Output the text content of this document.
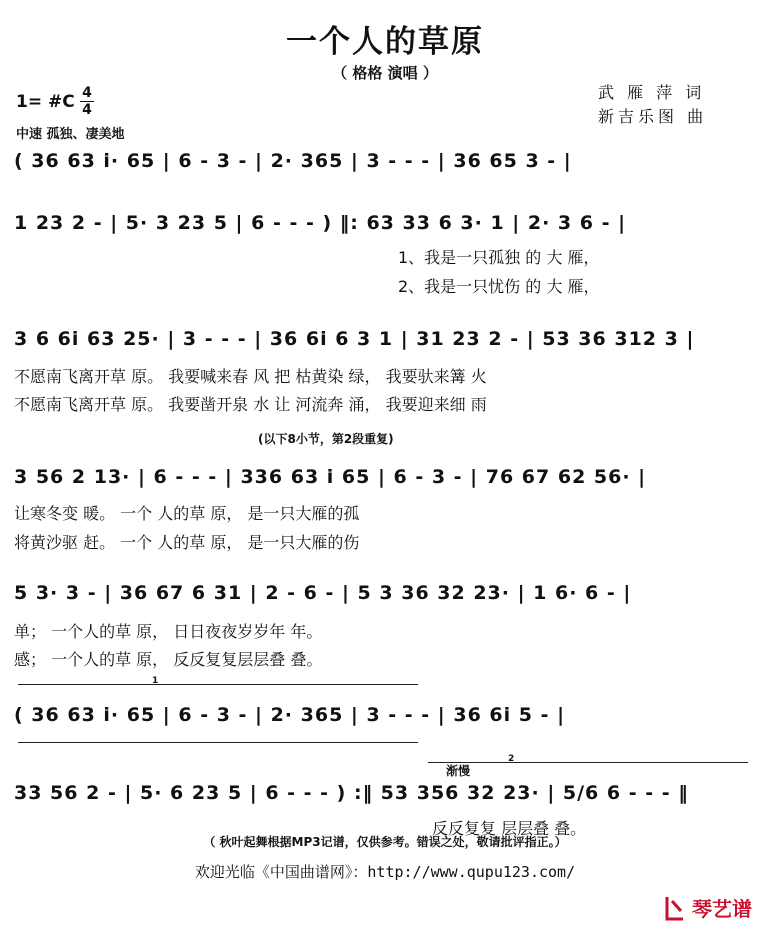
一个人的草原
（ 格格 演唱 ）
武 雁 萍 词
新吉乐图 曲
1= #C 4
4
中速 孤独、凄美地
( 36 63 i· 65 | 6 - 3 - | 2· 365 | 3 - - - | 36 65 3 - |
1 23 2 - | 5· 3 23 5 | 6 - - - ) ‖: 63 33 6 3· 1 | 2· 3 6 - |
1、我是一只孤独 的 大 雁，
2、我是一只忧伤 的 大 雁，
3 6 6i 63 25· | 3 - - - | 36 6i 6 3 1 | 31 23 2 - | 53 36 312 3 |
不愿南飞离开草 原。 我要喊来春 风 把 枯黄染 绿， 我要驮来篝 火
不愿南飞离开草 原。 我要凿开泉 水 让 河流奔 涌， 我要迎来细 雨
(以下8小节，第2段重复)
3 56 2 13· | 6 - - - | 336 63 i 65 | 6 - 3 - | 76 67 62 56· |
让寒冬变 暖。 一个 人的草 原， 是一只大雁的孤
将黄沙驱 赶。 一个 人的草 原， 是一只大雁的伤
5 3· 3 - | 36 67 6 31 | 2 - 6 - | 5 3 36 32 23· | 1 6· 6 - |
单； 一个人的草 原， 日日夜夜岁岁年 年。
感； 一个人的草 原， 反反复复层层叠 叠。
1
( 36 63 i· 65 | 6 - 3 - | 2· 365 | 3 - - - | 36 6i 5 - |
2
渐慢
33 56 2 - | 5· 6 23 5 | 6 - - - ) :‖ 53 356 32 23· | 5/6 6 - - - ‖
反反复复 层层叠 叠。
（ 秋叶起舞根据MP3记谱，仅供参考。错误之处，敬请批评指正。）
欢迎光临《中国曲谱网》：http://www.qupu123.com/
琴艺谱
